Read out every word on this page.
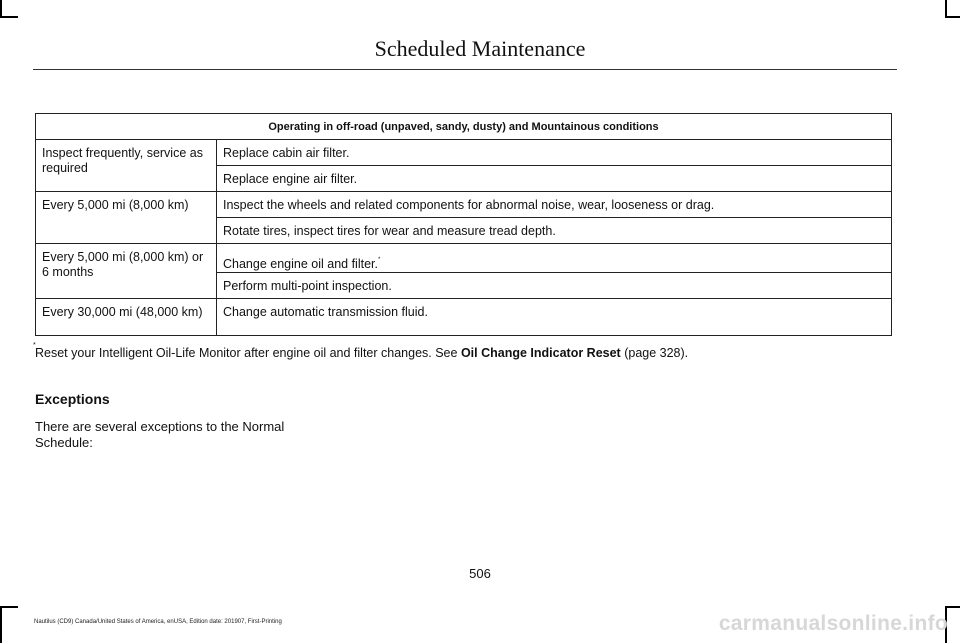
Scheduled Maintenance
Operating in off-road (unpaved, sandy, dusty) and Mountainous conditions	
Inspect frequently, service as required	Replace cabin air filter.
	Replace engine air filter.
Every 5,000 mi (8,000 km)	Inspect the wheels and related components for abnormal noise, wear, looseness or drag.
	Rotate tires, inspect tires for wear and measure tread depth.
Every 5,000 mi (8,000 km) or 6 months	Change engine oil and filter.*
	Perform multi-point inspection.
Every 30,000 mi (48,000 km)	Change automatic transmission fluid.
*
Reset your Intelligent Oil-Life Monitor after engine oil and filter changes. See Oil Change Indicator Reset (page 328).
Exceptions
There are several exceptions to the Normal Schedule:
506
Nautilus (CD9) Canada/United States of America, enUSA, Edition date: 201907, First-Printing	carmanualsonline.info
